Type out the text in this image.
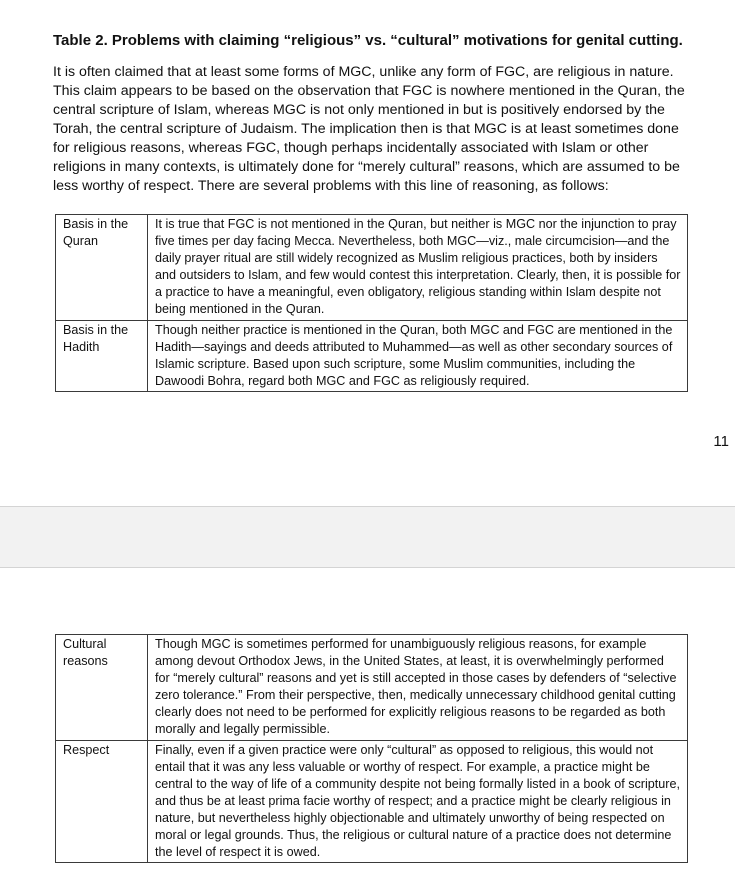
Table 2. Problems with claiming “religious” vs. “cultural” motivations for genital cutting.

It is often claimed that at least some forms of MGC, unlike any form of FGC, are religious in nature. This claim appears to be based on the observation that FGC is nowhere mentioned in the Quran, the central scripture of Islam, whereas MGC is not only mentioned in but is positively endorsed by the Torah, the central scripture of Judaism. The implication then is that MGC is at least sometimes done for religious reasons, whereas FGC, though perhaps incidentally associated with Islam or other religions in many contexts, is ultimately done for “merely cultural” reasons, which are assumed to be less worthy of respect. There are several problems with this line of reasoning, as follows:

Basis in the Quran	It is true that FGC is not mentioned in the Quran, but neither is MGC nor the injunction to pray five times per day facing Mecca. Nevertheless, both MGC—viz., male circumcision—and the daily prayer ritual are still widely recognized as Muslim religious practices, both by insiders and outsiders to Islam, and few would contest this interpretation. Clearly, then, it is possible for a practice to have a meaningful, even obligatory, religious standing within Islam despite not being mentioned in the Quran.
Basis in the Hadith	Though neither practice is mentioned in the Quran, both MGC and FGC are mentioned in the Hadith—sayings and deeds attributed to Muhammed—as well as other secondary sources of Islamic scripture. Based upon such scripture, some Muslim communities, including the Dawoodi Bohra, regard both MGC and FGC as religiously required.
11
Cultural reasons	Though MGC is sometimes performed for unambiguously religious reasons, for example among devout Orthodox Jews, in the United States, at least, it is overwhelmingly performed for “merely cultural” reasons and yet is still accepted in those cases by defenders of “selective zero tolerance.” From their perspective, then, medically unnecessary childhood genital cutting clearly does not need to be performed for explicitly religious reasons to be regarded as both morally and legally permissible.
Respect	Finally, even if a given practice were only “cultural” as opposed to religious, this would not entail that it was any less valuable or worthy of respect. For example, a practice might be central to the way of life of a community despite not being formally listed in a book of scripture, and thus be at least prima facie worthy of respect; and a practice might be clearly religious in nature, but nevertheless highly objectionable and ultimately unworthy of being respected on moral or legal grounds. Thus, the religious or cultural nature of a practice does not determine the level of respect it is owed.
